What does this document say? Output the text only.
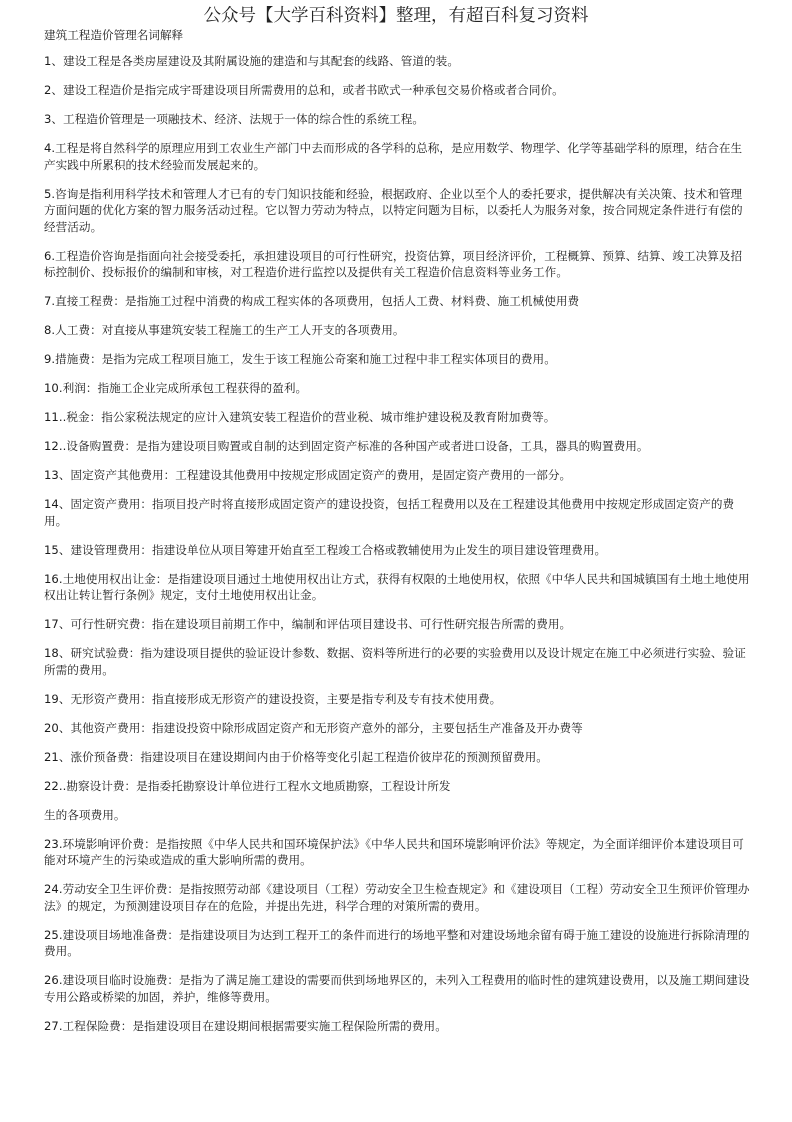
公众号【大学百科资料】整理，有超百科复习资料
建筑工程造价管理名词解释

1、建设工程是各类房屋建设及其附属设施的建造和与其配套的线路、管道的装。

2、建设工程造价是指完成宇哥建设项目所需费用的总和，或者书欧式一种承包交易价格或者合同价。

3、工程造价管理是一项融技术、经济、法规于一体的综合性的系统工程。

4.工程是将自然科学的原理应用到工农业生产部门中去而形成的各学科的总称，是应用数学、物理学、化学等基础学科的原理，结合在生产实践中所累积的技术经验而发展起来的。

5.咨询是指利用科学技术和管理人才已有的专门知识技能和经验，根据政府、企业以至个人的委托要求，提供解决有关决策、技术和管理方面问题的优化方案的智力服务活动过程。它以智力劳动为特点，以特定问题为目标，以委托人为服务对象，按合同规定条件进行有偿的经营活动。

6.工程造价咨询是指面向社会接受委托，承担建设项目的可行性研究，投资估算，项目经济评价，工程概算、预算、结算、竣工决算及招标控制价、投标报价的编制和审核，对工程造价进行监控以及提供有关工程造价信息资料等业务工作。

7.直接工程费：是指施工过程中消费的构成工程实体的各项费用，包括人工费、材料费、施工机械使用费

8.人工费：对直接从事建筑安装工程施工的生产工人开支的各项费用。

9.措施费：是指为完成工程项目施工，发生于该工程施公奇案和施工过程中非工程实体项目的费用。

10.利润：指施工企业完成所承包工程获得的盈利。

11..税金：指公家税法规定的应计入建筑安装工程造价的营业税、城市维护建设税及教育附加费等。

12..设备购置费：是指为建设项目购置或自制的达到固定资产标准的各种国产或者进口设备，工具，器具的购置费用。

13、固定资产其他费用：工程建设其他费用中按规定形成固定资产的费用，是固定资产费用的一部分。

14、固定资产费用：指项目投产时将直接形成固定资产的建设投资，包括工程费用以及在工程建设其他费用中按规定形成固定资产的费用。

15、建设管理费用：指建设单位从项目筹建开始直至工程竣工合格或教辅使用为止发生的项目建设管理费用。

16.土地使用权出让金：是指建设项目通过土地使用权出让方式，获得有权限的土地使用权，依照《中华人民共和国城镇国有土地土地使用权出让转让暂行条例》规定，支付土地使用权出让金。

17、可行性研究费：指在建设项目前期工作中，编制和评估项目建设书、可行性研究报告所需的费用。

18、研究试验费：指为建设项目提供的验证设计参数、数据、资料等所进行的必要的实验费用以及设计规定在施工中必须进行实验、验证所需的费用。

19、无形资产费用：指直接形成无形资产的建设投资，主要是指专利及专有技术使用费。

20、其他资产费用：指建设投资中除形成固定资产和无形资产意外的部分，主要包括生产准备及开办费等

21、涨价预备费：指建设项目在建设期间内由于价格等变化引起工程造价彼岸花的预测预留费用。

22..勘察设计费：是指委托勘察设计单位进行工程水文地质勘察，工程设计所发

生的各项费用。

23.环境影响评价费：是指按照《中华人民共和国环境保护法》《中华人民共和国环境影响评价法》等规定，为全面详细评价本建设项目可能对环境产生的污染或造成的重大影响所需的费用。

24.劳动安全卫生评价费：是指按照劳动部《建设项目（工程）劳动安全卫生检查规定》和《建设项目（工程）劳动安全卫生预评价管理办法》的规定，为预测建设项目存在的危险，并提出先进，科学合理的对策所需的费用。

25.建设项目场地准备费：是指建设项目为达到工程开工的条件而进行的场地平整和对建设场地余留有碍于施工建设的设施进行拆除清理的费用。

26.建设项目临时设施费：是指为了满足施工建设的需要而供到场地界区的，未列入工程费用的临时性的建筑建设费用，以及施工期间建设专用公路或桥梁的加固，养护，维修等费用。

27.工程保险费：是指建设项目在建设期间根据需要实施工程保险所需的费用。
